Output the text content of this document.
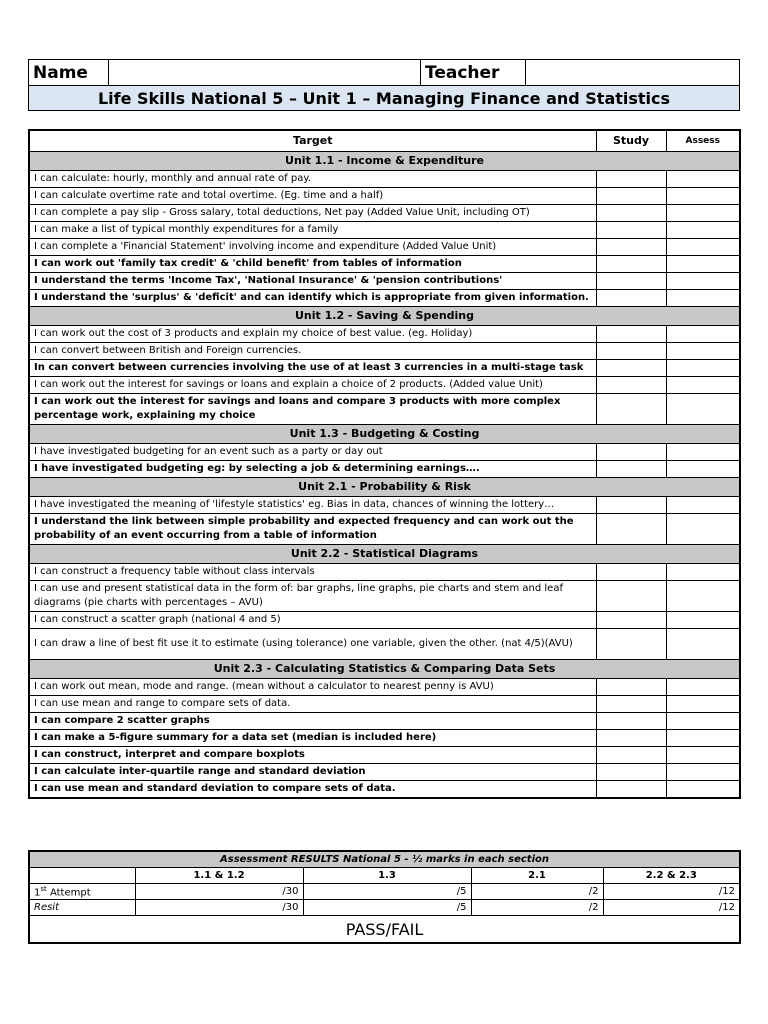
Name		Teacher	
Life Skills National 5 – Unit 1 – Managing Finance and Statistics
Target	Study	Assess
Unit 1.1 - Income & Expenditure		
I can calculate: hourly, monthly and annual rate of pay.		
I can calculate overtime rate and total overtime. (Eg. time and a half)		
I can complete a pay slip - Gross salary, total deductions, Net pay (Added Value Unit, including OT)		
I can make a list of typical monthly expenditures for a family		
I can complete a 'Financial Statement' involving income and expenditure (Added Value Unit)		
I can work out 'family tax credit' & 'child benefit' from tables of information		
I understand the terms 'Income Tax', 'National Insurance' & 'pension contributions'		
I understand the 'surplus' & 'deficit' and can identify which is appropriate from given information.		
Unit 1.2 - Saving & Spending		
I can work out the cost of 3 products and explain my choice of best value. (eg. Holiday)		
I can convert between British and Foreign currencies.		
In can convert between currencies involving the use of at least 3 currencies in a multi-stage task		
I can work out the interest for savings or loans and explain a choice of 2 products. (Added value Unit)		
I can work out the interest for savings and loans and compare 3 products with more complex percentage work, explaining my choice		
Unit 1.3 - Budgeting & Costing		
I have investigated budgeting for an event such as a party or day out		
I have investigated budgeting eg: by selecting a job & determining earnings….		
Unit 2.1 - Probability & Risk		
I have investigated the meaning of 'lifestyle statistics' eg. Bias in data, chances of winning the lottery…		
I understand the link between simple probability and expected frequency and can work out the probability of an event occurring from a table of information		
Unit 2.2 - Statistical Diagrams		
I can construct a frequency table without class intervals		
I can use and present statistical data in the form of: bar graphs, line graphs, pie charts and stem and leaf diagrams (pie charts with percentages – AVU)		
I can construct a scatter graph (national 4 and 5)		
I can draw a line of best fit use it to estimate (using tolerance) one variable, given the other. (nat 4/5)(AVU)		
Unit 2.3 - Calculating Statistics & Comparing Data Sets		
I can work out mean, mode and range. (mean without a calculator to nearest penny is AVU)		
I can use mean and range to compare sets of data.		
I can compare 2 scatter graphs		
I can make a 5-figure summary for a data set (median is included here)		
I can construct, interpret and compare boxplots		
I can calculate inter-quartile range and standard deviation		
I can use mean and standard deviation to compare sets of data.		
Assessment RESULTS National 5 - ½ marks in each section				
	1.1 & 1.2	1.3	2.1	2.2 & 2.3
1st Attempt	/30	/5	/2	/12
Resit	/30	/5	/2	/12
PASS/FAIL				
